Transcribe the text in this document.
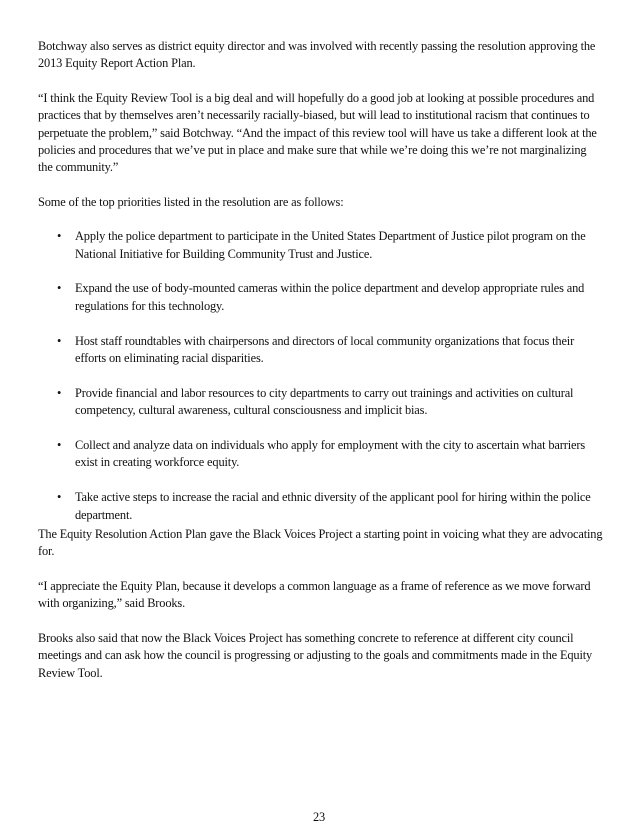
Botchway also serves as district equity director and was involved with recently passing the resolution approving the 2013 Equity Report Action Plan.

“I think the Equity Review Tool is a big deal and will hopefully do a good job at looking at possible procedures and practices that by themselves aren’t necessarily racially-biased, but will lead to institutional racism that continues to perpetuate the problem,” said Botchway. “And the impact of this review tool will have us take a different look at the policies and procedures that we’ve put in place and make sure that while we’re doing this we’re not marginalizing the community.”

Some of the top priorities listed in the resolution are as follows:

• Apply the police department to participate in the United States Department of Justice pilot program on the National Initiative for Building Community Trust and Justice.
• Expand the use of body-mounted cameras within the police department and develop appropriate rules and regulations for this technology.
• Host staff roundtables with chairpersons and directors of local community organizations that focus their efforts on eliminating racial disparities.
• Provide financial and labor resources to city departments to carry out trainings and activities on cultural competency, cultural awareness, cultural consciousness and implicit bias.
• Collect and analyze data on individuals who apply for employment with the city to ascertain what barriers exist in creating workforce equity.
• Take active steps to increase the racial and ethnic diversity of the applicant pool for hiring within the police department.

The Equity Resolution Action Plan gave the Black Voices Project a starting point in voicing what they are advocating for.

“I appreciate the Equity Plan, because it develops a common language as a frame of reference as we move forward with organizing,” said Brooks.

Brooks also said that now the Black Voices Project has something concrete to reference at different city council meetings and can ask how the council is progressing or adjusting to the goals and commitments made in the Equity Review Tool.

23
